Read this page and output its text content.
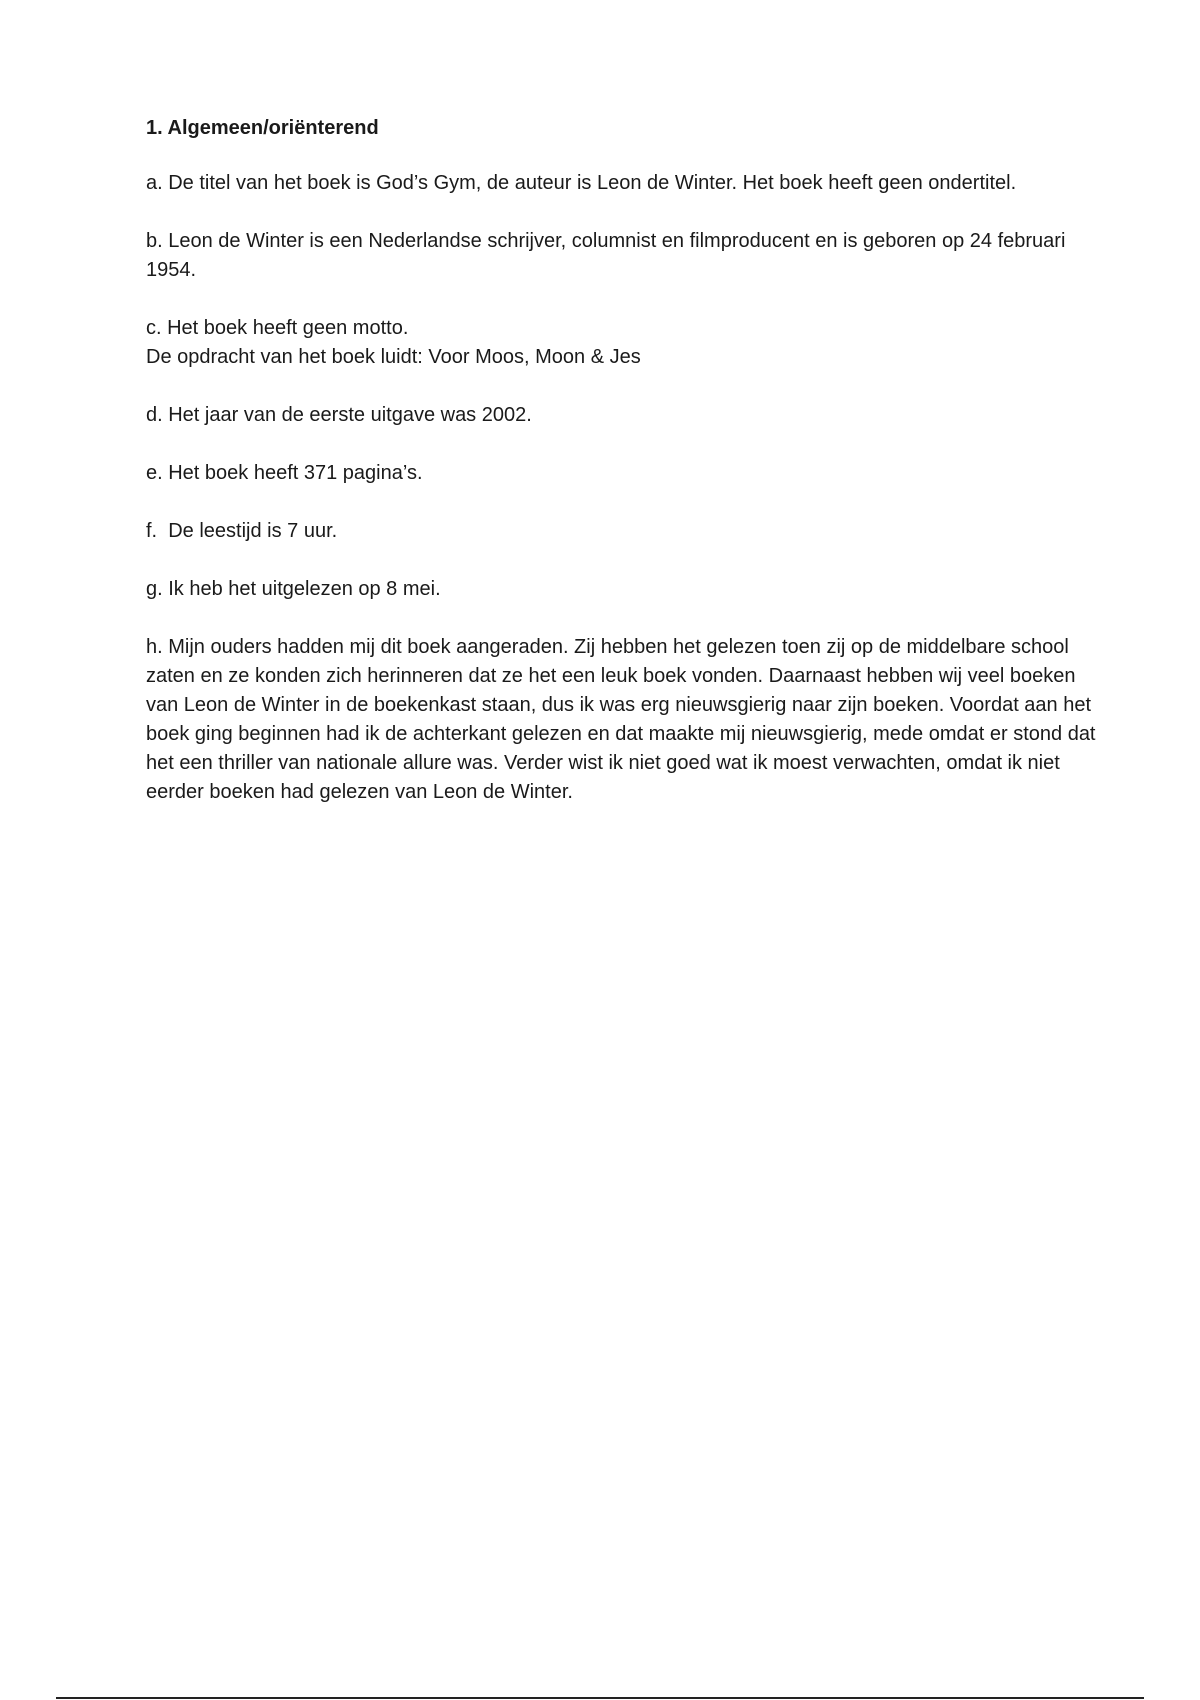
1. Algemeen/oriënterend

a. De titel van het boek is God’s Gym, de auteur is Leon de Winter. Het boek heeft geen ondertitel.

b. Leon de Winter is een Nederlandse schrijver, columnist en filmproducent en is geboren op 24 februari 1954.

c. Het boek heeft geen motto.
De opdracht van het boek luidt: Voor Moos, Moon & Jes

d. Het jaar van de eerste uitgave was 2002.

e. Het boek heeft 371 pagina’s.

f.  De leestijd is 7 uur.

g. Ik heb het uitgelezen op 8 mei.

h. Mijn ouders hadden mij dit boek aangeraden. Zij hebben het gelezen toen zij op de middelbare school zaten en ze konden zich herinneren dat ze het een leuk boek vonden. Daarnaast hebben wij veel boeken van Leon de Winter in de boekenkast staan, dus ik was erg nieuwsgierig naar zijn boeken. Voordat aan het boek ging beginnen had ik de achterkant gelezen en dat maakte mij nieuwsgierig, mede omdat er stond dat het een thriller van nationale allure was. Verder wist ik niet goed wat ik moest verwachten, omdat ik niet eerder boeken had gelezen van Leon de Winter.
